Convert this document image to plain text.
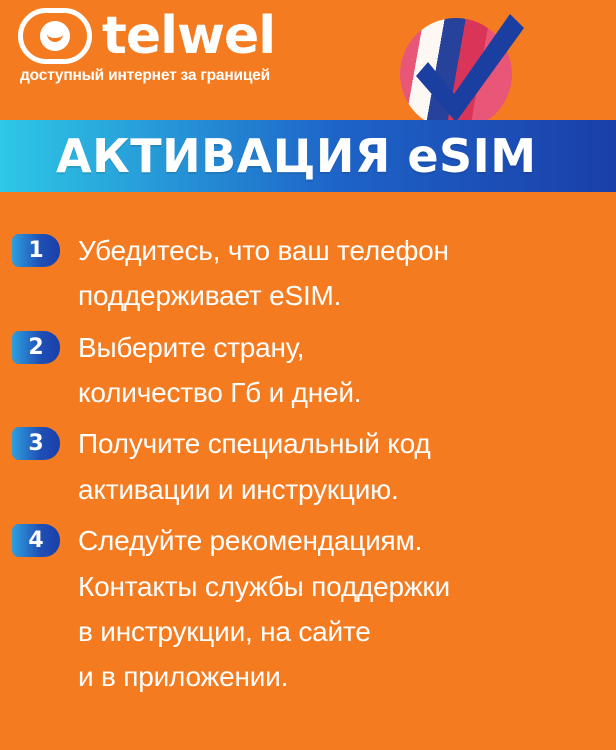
telwel
доступный интернет за границей
АКТИВАЦИЯ eSIM
1	Убедитесь, что ваш телефон
поддерживает eSIM.
2	Выберите страну,
количество Гб и дней.
3	Получите специальный код
активации и инструкцию.
4	Следуйте рекомендациям.
Контакты службы поддержки
в инструкции, на сайте
и в приложении.
